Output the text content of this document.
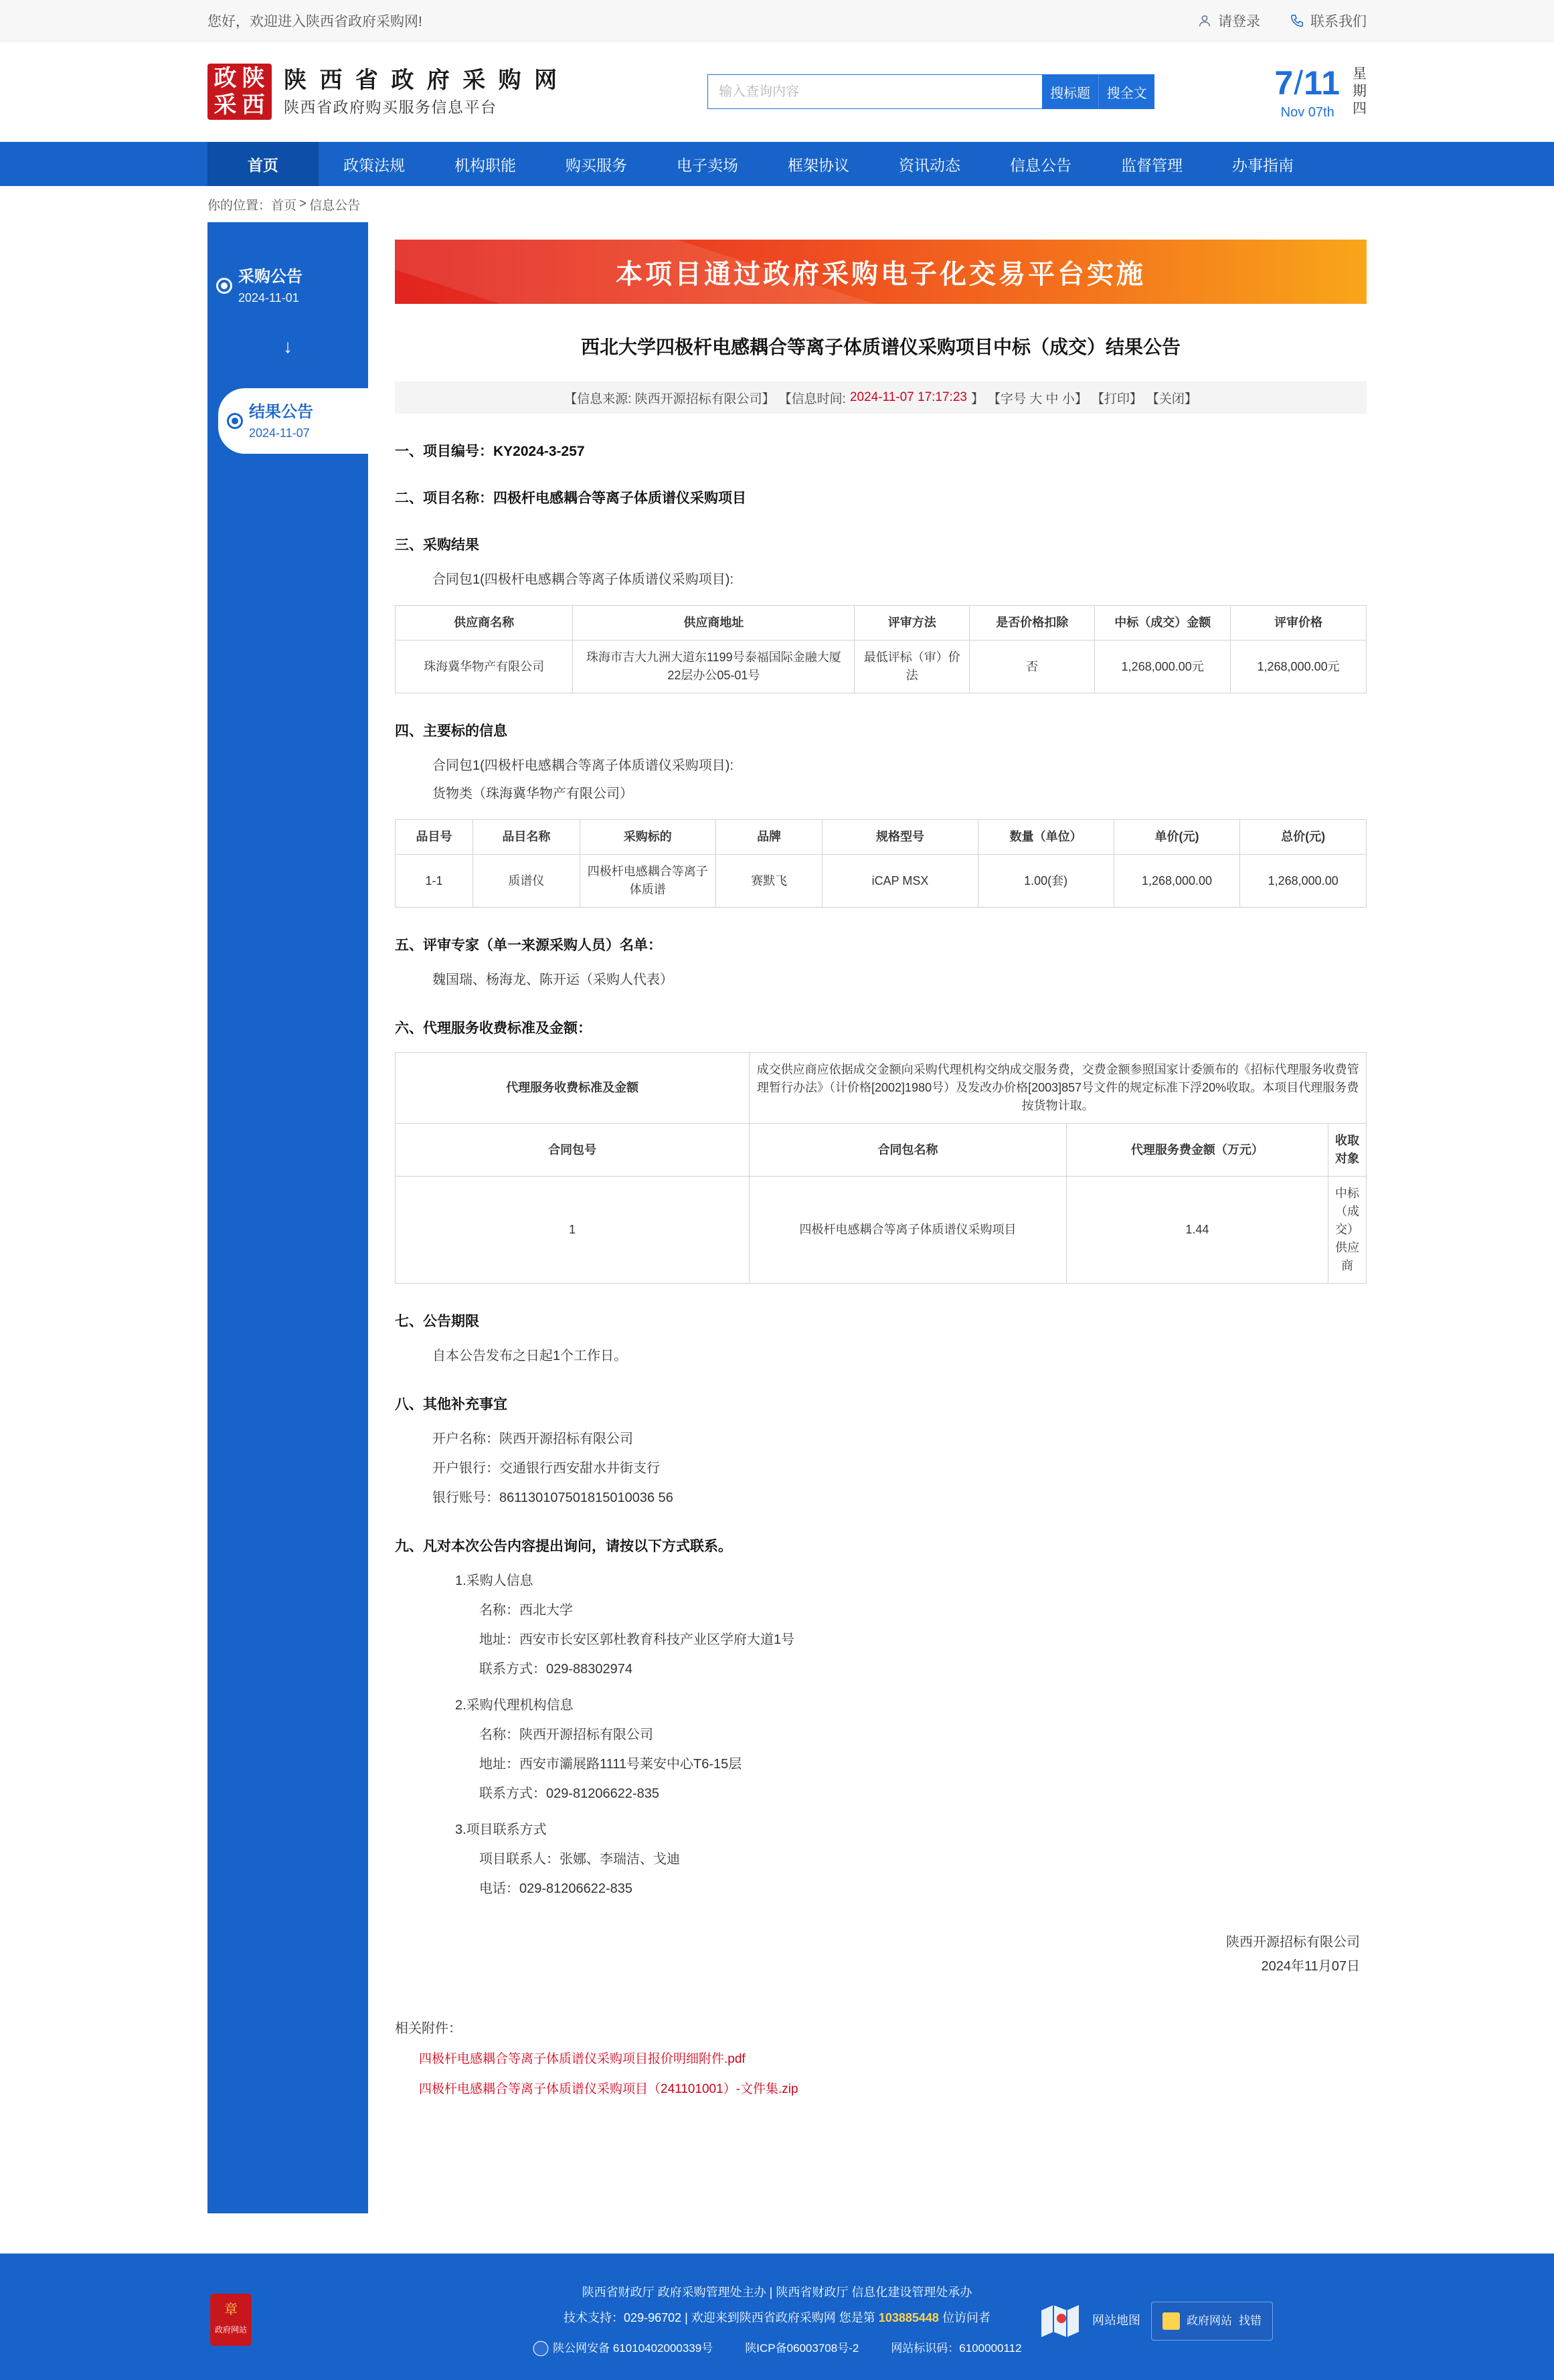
您好，欢迎进入陕西省政府采购网!	请登录	联系我们
政 陕
采 西
陕 西 省 政 府 采 购 网
陕西省政府购买服务信息平台
输入查询内容
搜标题	搜全文	7/11
Nov 07th
星
期
四
首页	政策法规	机构职能	购买服务	电子卖场	框架协议	资讯动态	信息公告	监督管理	办事指南
你的位置： 首页 > 信息公告
采购公告
2024-11-01
↓
结果公告
2024-11-07
本项目通过政府采购电子化交易平台实施
西北大学四极杆电感耦合等离子体质谱仪采购项目中标（成交）结果公告
【信息来源: 陕西开源招标有限公司】 【信息时间: 2024-11-07 17:17:23 】 【字号 大 中 小】 【打印】 【关闭】
一、项目编号：KY2024-3-257
二、项目名称：四极杆电感耦合等离子体质谱仪采购项目
三、采购结果
合同包1(四极杆电感耦合等离子体质谱仪采购项目):
供应商名称	供应商地址	评审方法	是否价格扣除	中标（成交）金额	评审价格
珠海冀华物产有限公司	珠海市吉大九洲大道东1199号泰福国际金融大厦22层办公05-01号	最低评标（审）价法	否	1,268,000.00元	1,268,000.00元
四、主要标的信息
合同包1(四极杆电感耦合等离子体质谱仪采购项目):
货物类（珠海冀华物产有限公司）
品目号	品目名称	采购标的	品牌	规格型号	数量（单位）	单价(元)	总价(元)
1-1	质谱仪	四极杆电感耦合等离子体质谱	赛默飞	iCAP MSX	1.00(套)	1,268,000.00	1,268,000.00
五、评审专家（单一来源采购人员）名单：
魏国瑞、杨海龙、陈开运（采购人代表）
六、代理服务收费标准及金额：
代理服务收费标准及金额	成交供应商应依据成交金额向采购代理机构交纳成交服务费，交费金额参照国家计委颁布的《招标代理服务收费管理暂行办法》（计价格[2002]1980号）及发改办价格[2003]857号文件的规定标准下浮20%收取。本项目代理服务费按货物计取。		
合同包号	合同包名称	代理服务费金额（万元）	收取对象
1	四极杆电感耦合等离子体质谱仪采购项目	1.44	中标（成交）供应商
七、公告期限
自本公告发布之日起1个工作日。
八、其他补充事宜
开户名称：陕西开源招标有限公司
开户银行：交通银行西安甜水井街支行
银行账号：861130107501815010036 56
九、凡对本次公告内容提出询问，请按以下方式联系。
1.采购人信息
名称：西北大学
地址：西安市长安区郭杜教育科技产业区学府大道1号
联系方式：029-88302974
2.采购代理机构信息
名称：陕西开源招标有限公司
地址：西安市灞展路1111号莱安中心T6-15层
联系方式：029-81206622-835
3.项目联系方式
项目联系人：张娜、李瑞洁、戈迪
电话：029-81206622-835
陕西开源招标有限公司
2024年11月07日
相关附件：
四极杆电感耦合等离子体质谱仪采购项目报价明细附件.pdf
四极杆电感耦合等离子体质谱仪采购项目（241101001）-文件集.zip
章
政府网站
陕西省财政厅 政府采购管理处主办 | 陕西省财政厅 信息化建设管理处承办
技术支持：029-96702 | 欢迎来到陕西省政府采购网 您是第 103885448 位访问者
陕公网安备 61010402000339号	陕ICP备06003708号-2	网站标识码：6100000112
网站地图	政府网站 找错
